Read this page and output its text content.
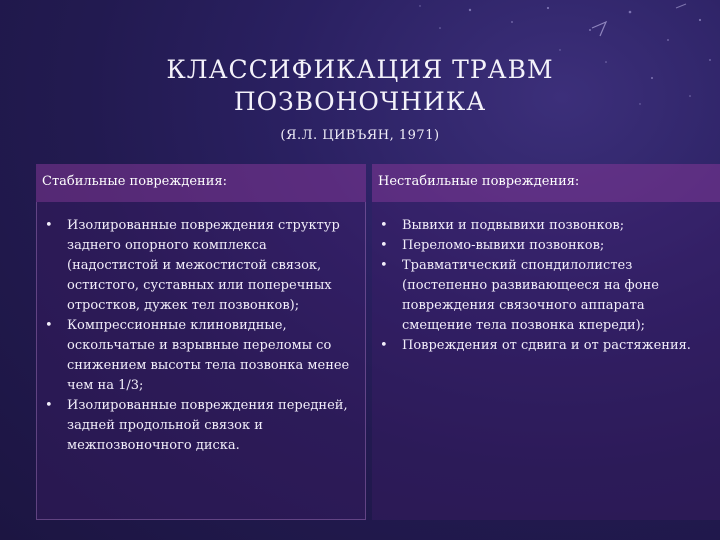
КЛАССИФИКАЦИЯ ТРАВМ
ПОЗВОНОЧНИКА
(Я.Л. ЦИВЪЯН, 1971)
Стабильные повреждения:
• Изолированные повреждения структур заднего опорного комплекса (надостистой и межостистой связок, остистого, суставных или поперечных отростков, дужек тел позвонков);
• Компрессионные клиновидные, оскольчатые и взрывные переломы со снижением высоты тела позвонка менее чем на 1/3;
• Изолированные повреждения передней, задней продольной связок и межпозвоночного диска.
Нестабильные повреждения:
• Вывихи и подвывихи позвонков;
• Переломо-вывихи позвонков;
• Травматический спондилолистез (постепенно развивающееся на фоне повреждения связочного аппарата смещение тела позвонка кпереди);
• Повреждения от сдвига и от растяжения.
